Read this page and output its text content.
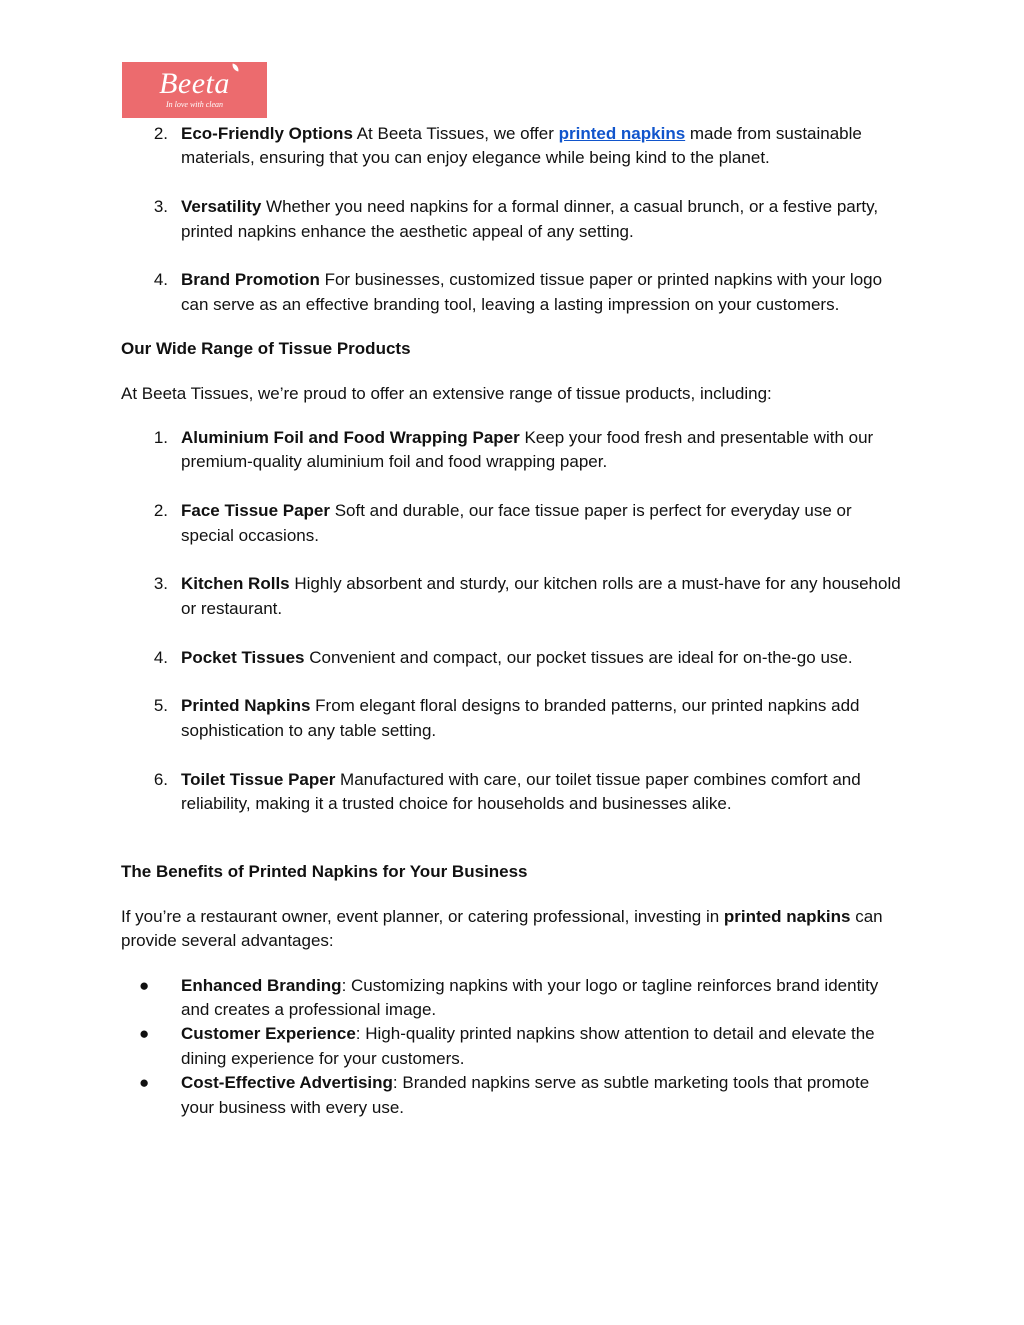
Beeta
In love with clean
2. Eco-Friendly Options At Beeta Tissues, we offer printed napkins made from sustainable materials, ensuring that you can enjoy elegance while being kind to the planet.
3. Versatility Whether you need napkins for a formal dinner, a casual brunch, or a festive party, printed napkins enhance the aesthetic appeal of any setting.
4. Brand Promotion For businesses, customized tissue paper or printed napkins with your logo can serve as an effective branding tool, leaving a lasting impression on your customers.
Our Wide Range of Tissue Products
At Beeta Tissues, we’re proud to offer an extensive range of tissue products, including:
1. Aluminium Foil and Food Wrapping Paper Keep your food fresh and presentable with our premium-quality aluminium foil and food wrapping paper.
2. Face Tissue Paper Soft and durable, our face tissue paper is perfect for everyday use or special occasions.
3. Kitchen Rolls Highly absorbent and sturdy, our kitchen rolls are a must-have for any household or restaurant.
4. Pocket Tissues Convenient and compact, our pocket tissues are ideal for on-the-go use.
5. Printed Napkins From elegant floral designs to branded patterns, our printed napkins add sophistication to any table setting.
6. Toilet Tissue Paper Manufactured with care, our toilet tissue paper combines comfort and reliability, making it a trusted choice for households and businesses alike.
The Benefits of Printed Napkins for Your Business
If you’re a restaurant owner, event planner, or catering professional, investing in printed napkins can provide several advantages:
● Enhanced Branding: Customizing napkins with your logo or tagline reinforces brand identity and creates a professional image.
● Customer Experience: High-quality printed napkins show attention to detail and elevate the dining experience for your customers.
● Cost-Effective Advertising: Branded napkins serve as subtle marketing tools that promote your business with every use.
